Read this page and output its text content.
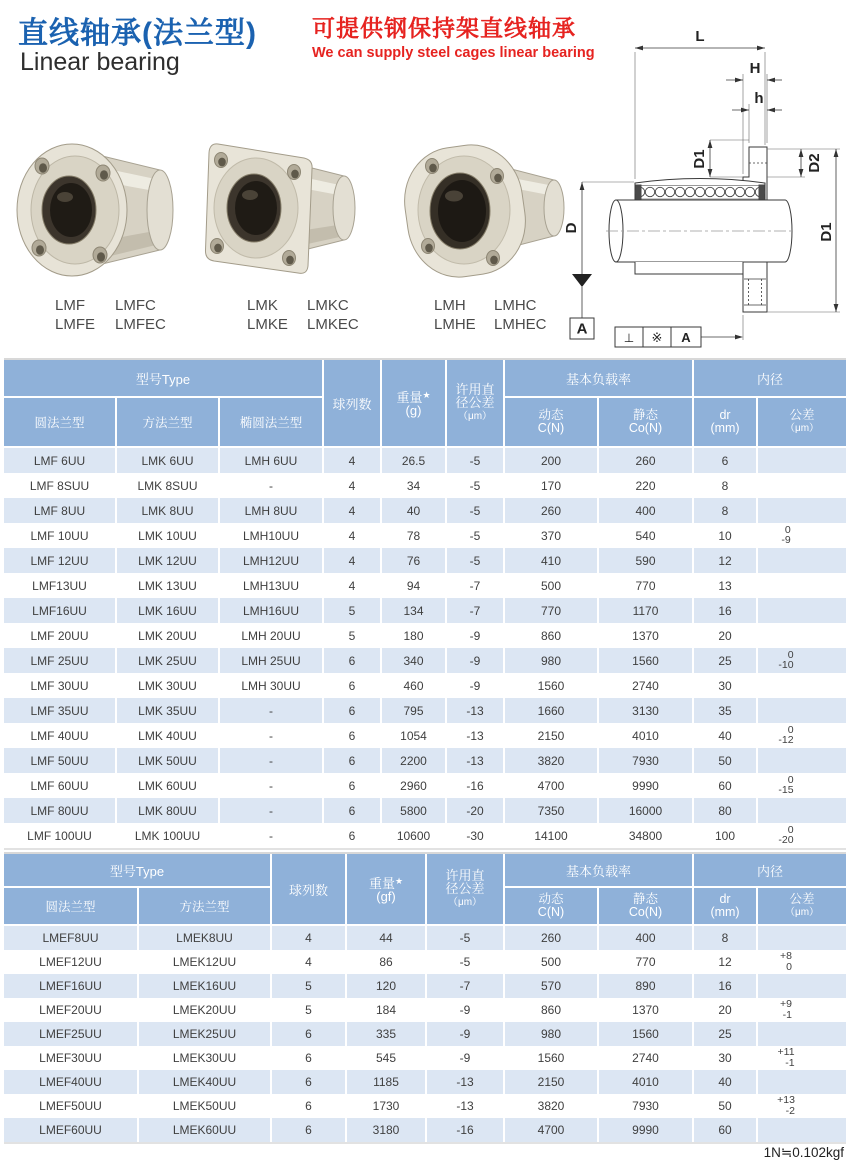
直线轴承(法兰型)
Linear bearing
可提供钢保持架直线轴承
We can supply steel cages linear bearing
LMF LMFC
LMFE LMFEC
LMK LMKC
LMKE LMKEC
LMH LMHC
LMHE LMHEC
L
H
h
D1	D2
A
D	D1
⊥ ※ A
型号Type			球列数	重量★
(g)	许用直
径公差
（μm）	基本负载率		内径	
圆法兰型	方法兰型	椭圆法兰型				动态
C(N)	静态
Co(N)	dr
(mm)	公差
（μm）

LMF 6UU	LMK 6UU	LMH 6UU	4	26.5	-5	200	260	6	
LMF 8SUU	LMK 8SUU	-	4	34	-5	170	220	8	
LMF 8UU	LMK 8UU	LMH 8UU	4	40	-5	260	400	8	
LMF 10UU	LMK 10UU	LMH10UU	4	78	-5	370	540	10	0
-9

LMF 12UU	LMK 12UU	LMH12UU	4	76	-5	410	590	12	
LMF13UU	LMK 13UU	LMH13UU	4	94	-7	500	770	13	
LMF16UU	LMK 16UU	LMH16UU	5	134	-7	770	1170	16	
LMF 20UU	LMK 20UU	LMH 20UU	5	180	-9	860	1370	20	
LMF 25UU	LMK 25UU	LMH 25UU	6	340	-9	980	1560	25	0
-10

LMF 30UU	LMK 30UU	LMH 30UU	6	460	-9	1560	2740	30	
LMF 35UU	LMK 35UU	-	6	795	-13	1660	3130	35	
LMF 40UU	LMK 40UU	-	6	1054	-13	2150	4010	40	0
-12

LMF 50UU	LMK 50UU	-	6	2200	-13	3820	7930	50	
LMF 60UU	LMK 60UU	-	6	2960	-16	4700	9990	60	0
-15

LMF 80UU	LMK 80UU	-	6	5800	-20	7350	16000	80	
LMF 100UU	LMK 100UU	-	6	10600	-30	14100	34800	100	0
-20
型号Type		球列数	重量★
(gf)	许用直
径公差
（μm）	基本负载率		内径	
圆法兰型	方法兰型				动态
C(N)	静态
Co(N)	dr
(mm)	公差
（μm）

LMEF8UU	LMEK8UU	4	44	-5	260	400	8	
LMEF12UU	LMEK12UU	4	86	-5	500	770	12	+8
0

LMEF16UU	LMEK16UU	5	120	-7	570	890	16	
LMEF20UU	LMEK20UU	5	184	-9	860	1370	20	+9
-1

LMEF25UU	LMEK25UU	6	335	-9	980	1560	25	
LMEF30UU	LMEK30UU	6	545	-9	1560	2740	30	+11
-1

LMEF40UU	LMEK40UU	6	1185	-13	2150	4010	40	
LMEF50UU	LMEK50UU	6	1730	-13	3820	7930	50	+13
-2

LMEF60UU	LMEK60UU	6	3180	-16	4700	9990	60	
1N≒0.102kgf
